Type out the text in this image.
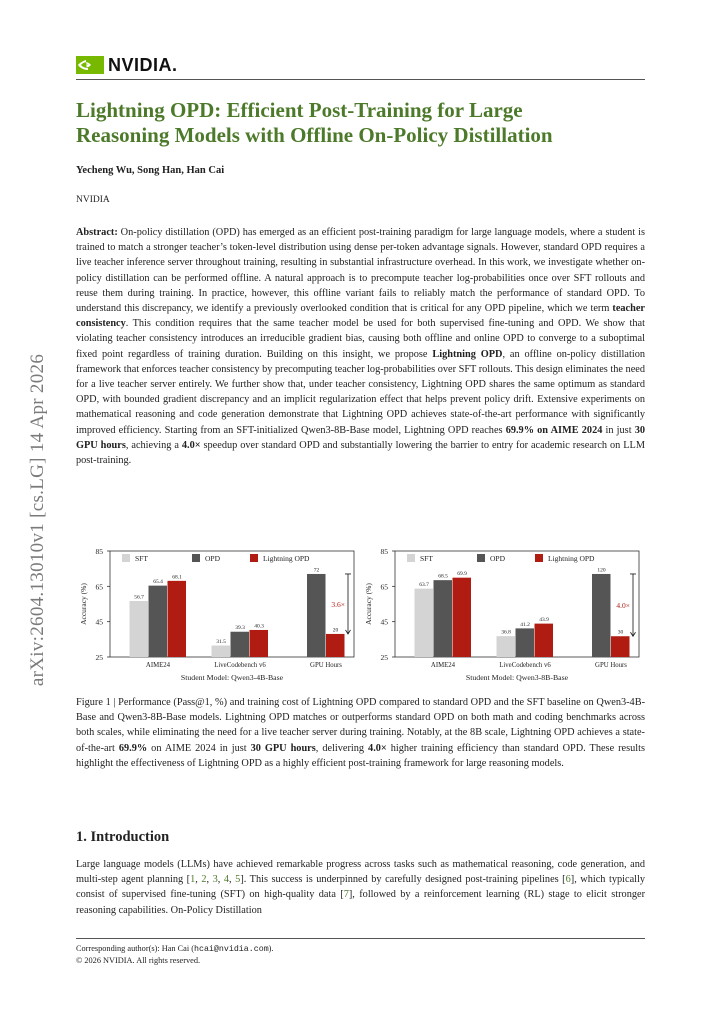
arXiv:2604.13010v1 [cs.LG] 14 Apr 2026
NVIDIA.
Lightning OPD: Efficient Post-Training for Large
Reasoning Models with Offline On-Policy Distillation
Yecheng Wu, Song Han, Han Cai
NVIDIA
Abstract: On-policy distillation (OPD) has emerged as an efficient post-training paradigm for large language models, where a student is trained to match a stronger teacher’s token-level distribution using dense per-token advantage signals. However, standard OPD requires a live teacher inference server throughout training, resulting in substantial infrastructure overhead. In this work, we investigate whether on-policy distillation can be performed offline. A natural approach is to precompute teacher log-probabilities once over SFT rollouts and reuse them during training. In practice, however, this offline variant fails to reliably match the performance of standard OPD. To understand this discrepancy, we identify a previously overlooked condition that is critical for any OPD pipeline, which we term teacher consistency. This condition requires that the same teacher model be used for both supervised fine-tuning and OPD. We show that violating teacher consistency introduces an irreducible gradient bias, causing both offline and online OPD to converge to a suboptimal fixed point regardless of training duration. Building on this insight, we propose Lightning OPD, an offline on-policy distillation framework that enforces teacher consistency by precomputing teacher log-probabilities over SFT rollouts. This design eliminates the need for a live teacher server entirely. We further show that, under teacher consistency, Lightning OPD shares the same optimum as standard OPD, with bounded gradient discrepancy and an implicit regularization effect that helps prevent policy drift. Extensive experiments on mathematical reasoning and code generation demonstrate that Lightning OPD achieves state-of-the-art performance with significantly improved efficiency. Starting from an SFT-initialized Qwen3-8B-Base model, Lightning OPD reaches 69.9% on AIME 2024 in just 30 GPU hours, achieving a 4.0× speedup over standard OPD and substantially lowering the barrier to entry for academic research on LLM post-training.
25
45
65
85
Accuracy (%)
SFT	OPD	Lightning OPD
AIME24
56.7
65.4
68.1
LiveCodebench v6
31.5
39.3 40.3
GPU Hours
72
20
3.6×
Student Model: Qwen3-4B-Base
25
45
65
85
Accuracy (%)
SFT	OPD	Lightning OPD
AIME24
63.7
68.5 69.9
LiveCodebench v6
36.8
41.2
43.9
GPU Hours
120
30
4.0×
Student Model: Qwen3-8B-Base
Figure 1 | Performance (Pass@1, %) and training cost of Lightning OPD compared to standard OPD and the SFT baseline on Qwen3-4B-Base and Qwen3-8B-Base models. Lightning OPD matches or outperforms standard OPD on both math and coding benchmarks across both scales, while eliminating the need for a live teacher server during training. Notably, at the 8B scale, Lightning OPD achieves a state-of-the-art 69.9% on AIME 2024 in just 30 GPU hours, delivering 4.0× higher training efficiency than standard OPD. These results highlight the effectiveness of Lightning OPD as a highly efficient post-training framework for large reasoning models.
1. Introduction
Large language models (LLMs) have achieved remarkable progress across tasks such as mathematical reasoning, code generation, and multi-step agent planning [1, 2, 3, 4, 5]. This success is underpinned by carefully designed post-training pipelines [6], which typically consist of supervised fine-tuning (SFT) on high-quality data [7], followed by a reinforcement learning (RL) stage to elicit stronger reasoning capabilities. On-Policy Distillation
Corresponding author(s): Han Cai (hcai@nvidia.com).
© 2026 NVIDIA. All rights reserved.
